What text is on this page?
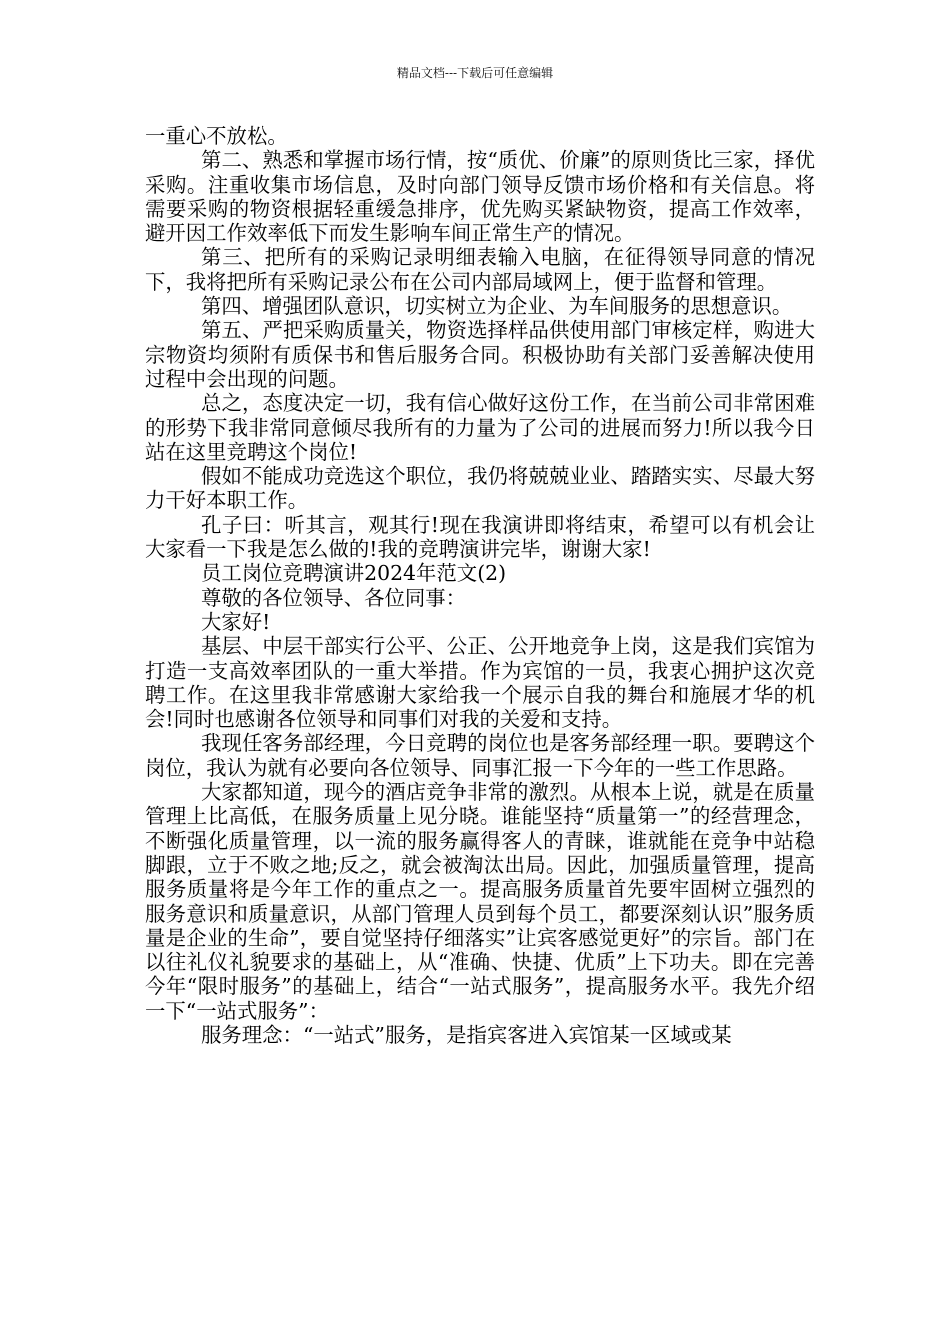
精品文档---下载后可任意编辑

一重心不放松。

第二、熟悉和掌握市场行情，按“质优、价廉”的原则货比三家，择优采购。注重收集市场信息，及时向部门领导反馈市场价格和有关信息。将需要采购的物资根据轻重缓急排序，优先购买紧缺物资，提高工作效率，避开因工作效率低下而发生影响车间正常生产的情况。

第三、把所有的采购记录明细表输入电脑，在征得领导同意的情况下，我将把所有采购记录公布在公司内部局域网上，便于监督和管理。

第四、增强团队意识，切实树立为企业、为车间服务的思想意识。

第五、严把采购质量关，物资选择样品供使用部门审核定样，购进大宗物资均须附有质保书和售后服务合同。积极协助有关部门妥善解决使用过程中会出现的问题。

总之，态度决定一切，我有信心做好这份工作，在当前公司非常困难的形势下我非常同意倾尽我所有的力量为了公司的进展而努力!所以我今日站在这里竞聘这个岗位!

假如不能成功竞选这个职位，我仍将兢兢业业、踏踏实实、尽最大努力干好本职工作。

孔子曰：听其言，观其行!现在我演讲即将结束，希望可以有机会让大家看一下我是怎么做的!我的竞聘演讲完毕，谢谢大家!

员工岗位竞聘演讲2024年范文(2)

尊敬的各位领导、各位同事：

大家好!

基层、中层干部实行公平、公正、公开地竞争上岗，这是我们宾馆为打造一支高效率团队的一重大举措。作为宾馆的一员，我衷心拥护这次竞聘工作。在这里我非常感谢大家给我一个展示自我的舞台和施展才华的机会!同时也感谢各位领导和同事们对我的关爱和支持。

我现任客务部经理，今日竞聘的岗位也是客务部经理一职。要聘这个岗位，我认为就有必要向各位领导、同事汇报一下今年的一些工作思路。

大家都知道，现今的酒店竞争非常的激烈。从根本上说，就是在质量管理上比高低，在服务质量上见分晓。谁能坚持“质量第一”的经营理念，不断强化质量管理，以一流的服务赢得客人的青睐，谁就能在竞争中站稳脚跟，立于不败之地;反之，就会被淘汰出局。因此，加强质量管理，提高服务质量将是今年工作的重点之一。提高服务质量首先要牢固树立强烈的服务意识和质量意识，从部门管理人员到每个员工，都要深刻认识”服务质量是企业的生命”，要自觉坚持仔细落实”让宾客感觉更好”的宗旨。部门在以往礼仪礼貌要求的基础上，从“准确、快捷、优质”上下功夫。即在完善今年“限时服务”的基础上，结合“一站式服务”，提高服务水平。我先介绍一下“一站式服务”：

服务理念：“一站式”服务，是指宾客进入宾馆某一区域或某
